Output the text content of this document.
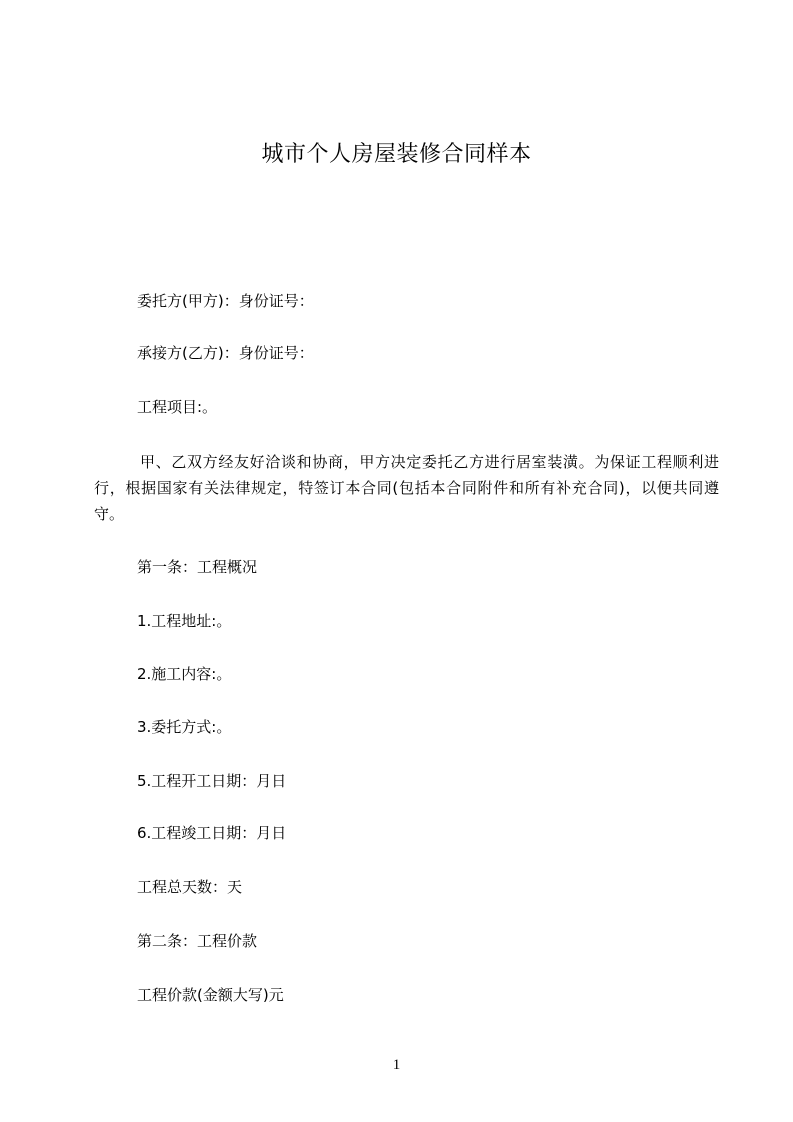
城市个人房屋装修合同样本
委托方(甲方)：身份证号：
承接方(乙方)：身份证号：
工程项目:。
甲、乙双方经友好洽谈和协商，甲方决定委托乙方进行居室装潢。为保证工程顺利进行，根据国家有关法律规定，特签订本合同(包括本合同附件和所有补充合同)，以便共同遵守。
第一条：工程概况
1.工程地址:。
2.施工内容:。
3.委托方式:。
5.工程开工日期：月日
6.工程竣工日期：月日
工程总天数：天
第二条：工程价款
工程价款(金额大写)元
1
